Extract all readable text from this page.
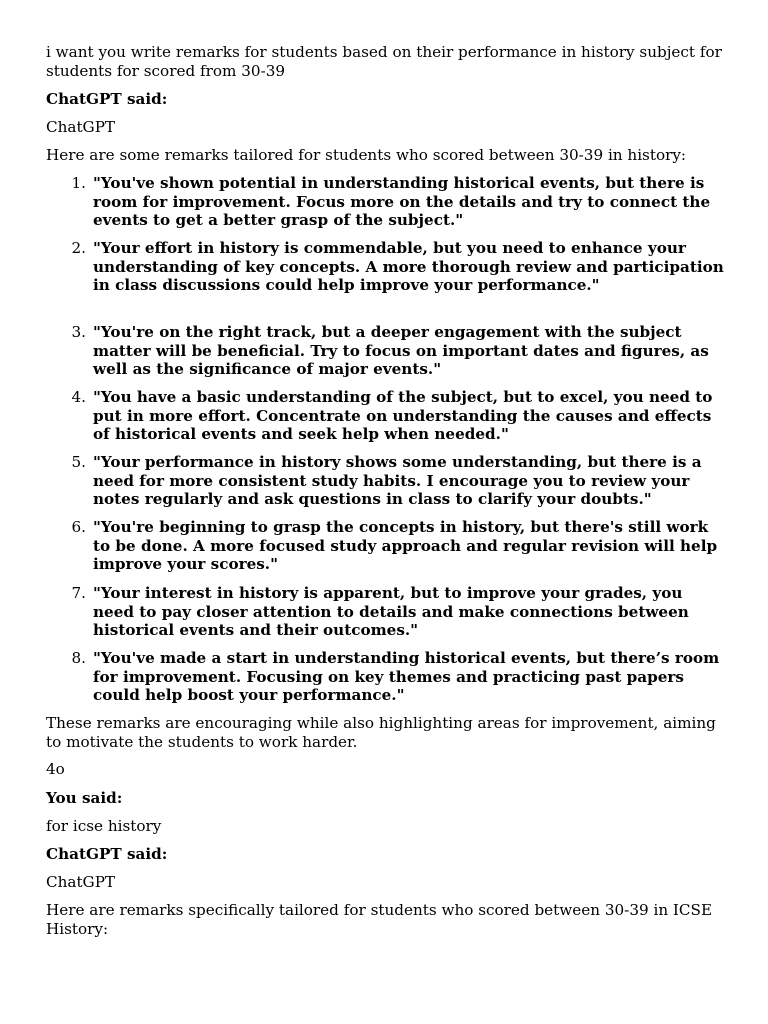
i want you write remarks for students based on their performance in history subject for students for scored from 30-39

ChatGPT said:

ChatGPT

Here are some remarks tailored for students who scored between 30-39 in history:

1. "You've shown potential in understanding historical events, but there is room for improvement. Focus more on the details and try to connect the events to get a better grasp of the subject."
2. "Your effort in history is commendable, but you need to enhance your understanding of key concepts. A more thorough review and participation in class discussions could help improve your performance."
3. "You're on the right track, but a deeper engagement with the subject matter will be beneficial. Try to focus on important dates and figures, as well as the significance of major events."
4. "You have a basic understanding of the subject, but to excel, you need to put in more effort. Concentrate on understanding the causes and effects of historical events and seek help when needed."
5. "Your performance in history shows some understanding, but there is a need for more consistent study habits. I encourage you to review your notes regularly and ask questions in class to clarify your doubts."
6. "You're beginning to grasp the concepts in history, but there's still work to be done. A more focused study approach and regular revision will help improve your scores."
7. "Your interest in history is apparent, but to improve your grades, you need to pay closer attention to details and make connections between historical events and their outcomes."
8. "You've made a start in understanding historical events, but there’s room for improvement. Focusing on key themes and practicing past papers could help boost your performance."

These remarks are encouraging while also highlighting areas for improvement, aiming to motivate the students to work harder.

4o

You said:

for icse history

ChatGPT said:

ChatGPT

Here are remarks specifically tailored for students who scored between 30-39 in ICSE History:
